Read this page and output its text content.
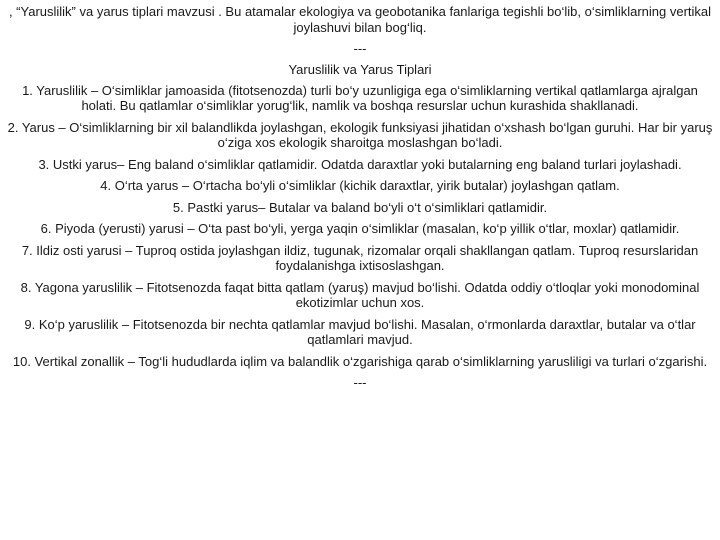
, “Yaruslilik” va yarus tiplari mavzusi . Bu atamalar ekologiya va geobotanika fanlariga tegishli bo‘lib, o‘simliklarning vertikal joylashuvi bilan bog‘liq.

---

Yaruslilik va Yarus Tiplari

1. Yaruslilik – O‘simliklar jamoasida (fitotsenozda) turli bo‘y uzunligiga ega o‘simliklarning vertikal qatlamlarga ajralgan holati. Bu qatlamlar o‘simliklar yorug‘lik, namlik va boshqa resurslar uchun kurashida shakllanadi.

2. Yarus – O‘simliklarning bir xil balandlikda joylashgan, ekologik funksiyasi jihatidan o‘xshash bo‘lgan guruhi. Har bir yaruş o‘ziga xos ekologik sharoitga moslashgan bo‘ladi.

3. Ustki yarus– Eng baland o‘simliklar qatlamidir. Odatda daraxtlar yoki butalarning eng baland turlari joylashadi.

4. O‘rta yarus – O‘rtacha bo‘yli o‘simliklar (kichik daraxtlar, yirik butalar) joylashgan qatlam.

5. Pastki yarus– Butalar va baland bo‘yli o‘t o‘simliklari qatlamidir.

6. Piyoda (yerusti) yarusi – O‘ta past bo‘yli, yerga yaqin o‘simliklar (masalan, ko‘p yillik o‘tlar, moxlar) qatlamidir.

7. Ildiz osti yarusi – Tuproq ostida joylashgan ildiz, tugunak, rizomalar orqali shakllangan qatlam. Tuproq resurslaridan foydalanishga ixtisoslashgan.

8. Yagona yaruslilik – Fitotsenozda faqat bitta qatlam (yaruş) mavjud bo‘lishi. Odatda oddiy o‘tloqlar yoki monodominal ekotizimlar uchun xos.

9. Ko‘p yaruslilik – Fitotsenozda bir nechta qatlamlar mavjud bo‘lishi. Masalan, o‘rmonlarda daraxtlar, butalar va o‘tlar qatlamlari mavjud.

10. Vertikal zonallik – Tog‘li hududlarda iqlim va balandlik o‘zgarishiga qarab o‘simliklarning yarusliligi va turlari o‘zgarishi.

---
